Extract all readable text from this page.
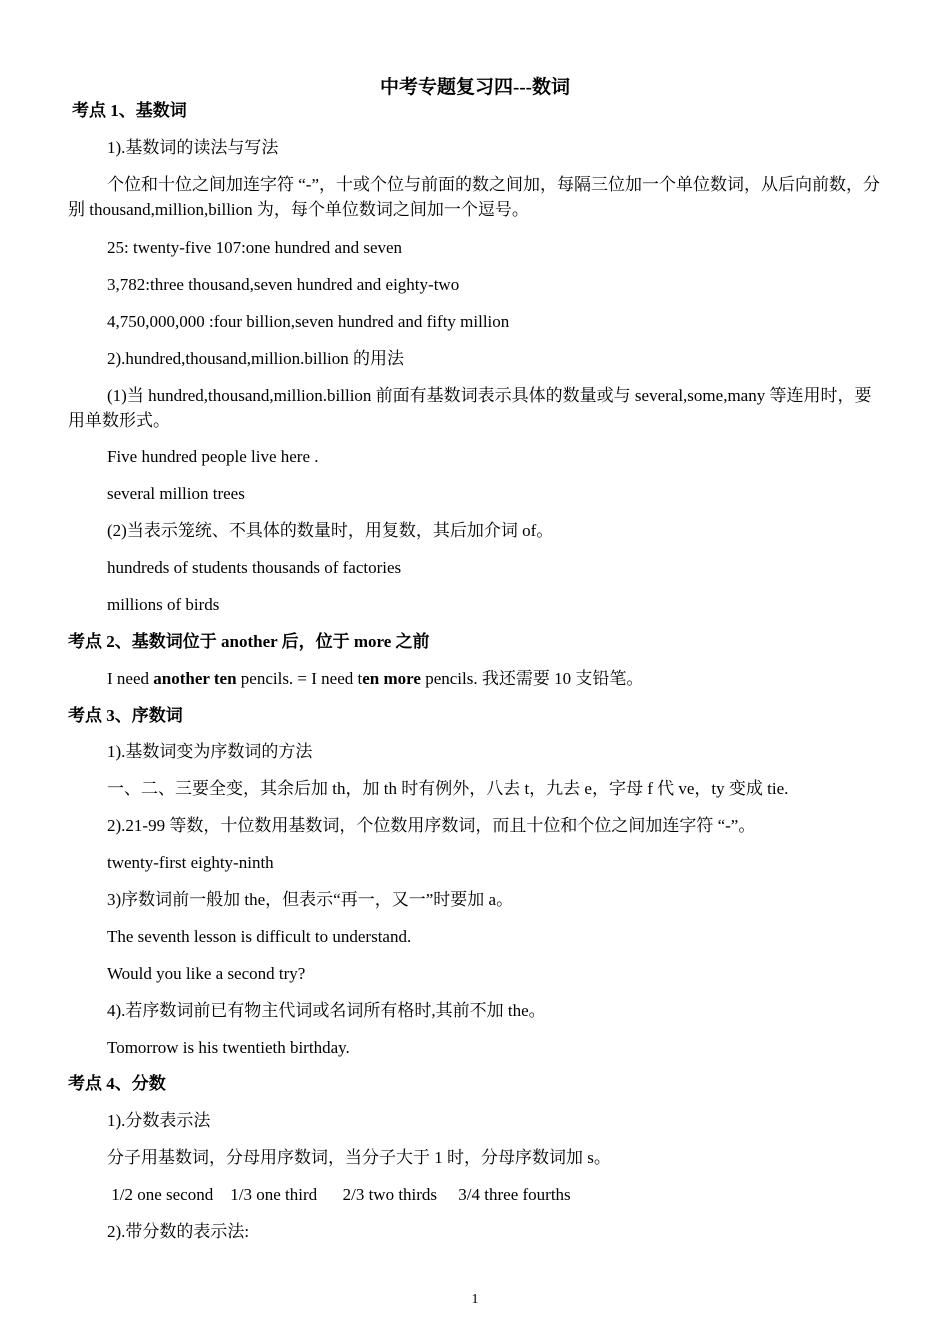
中考专题复习四---数词
考点 1、基数词
1).基数词的读法与写法
个位和十位之间加连字符 “-”，十或个位与前面的数之间加，每隔三位加一个单位数词，从后向前数，分别 thousand,million,billion 为，每个单位数词之间加一个逗号。
25: twenty-five 107:one hundred and seven
3,782:three thousand,seven hundred and eighty-two
4,750,000,000 :four billion,seven hundred and fifty million
2).hundred,thousand,million.billion 的用法
(1)当 hundred,thousand,million.billion 前面有基数词表示具体的数量或与 several,some,many 等连用时，要用单数形式。
Five hundred people live here .
several million trees
(2)当表示笼统、不具体的数量时，用复数，其后加介词 of。
hundreds of students thousands of factories
millions of birds
考点 2、基数词位于 another 后，位于 more 之前
I need another ten pencils. = I need ten more pencils. 我还需要 10 支铅笔。
考点 3、序数词
1).基数词变为序数词的方法
一、二、三要全变，其余后加 th，加 th 时有例外，八去 t，九去 e，字母 f 代 ve，ty 变成 tie.
2).21-99 等数，十位数用基数词，个位数用序数词，而且十位和个位之间加连字符 “-”。
twenty-first eighty-ninth
3)序数词前一般加 the，但表示“再一，又一”时要加 a。
The seventh lesson is difficult to understand.
Would you like a second try?
4).若序数词前已有物主代词或名词所有格时,其前不加 the。
Tomorrow is his twentieth birthday.
考点 4、分数
1).分数表示法
分子用基数词，分母用序数词，当分子大于 1 时，分母序数词加 s。
1/2 one second    1/3 one third      2/3 two thirds     3/4 three fourths
2).带分数的表示法:
1
